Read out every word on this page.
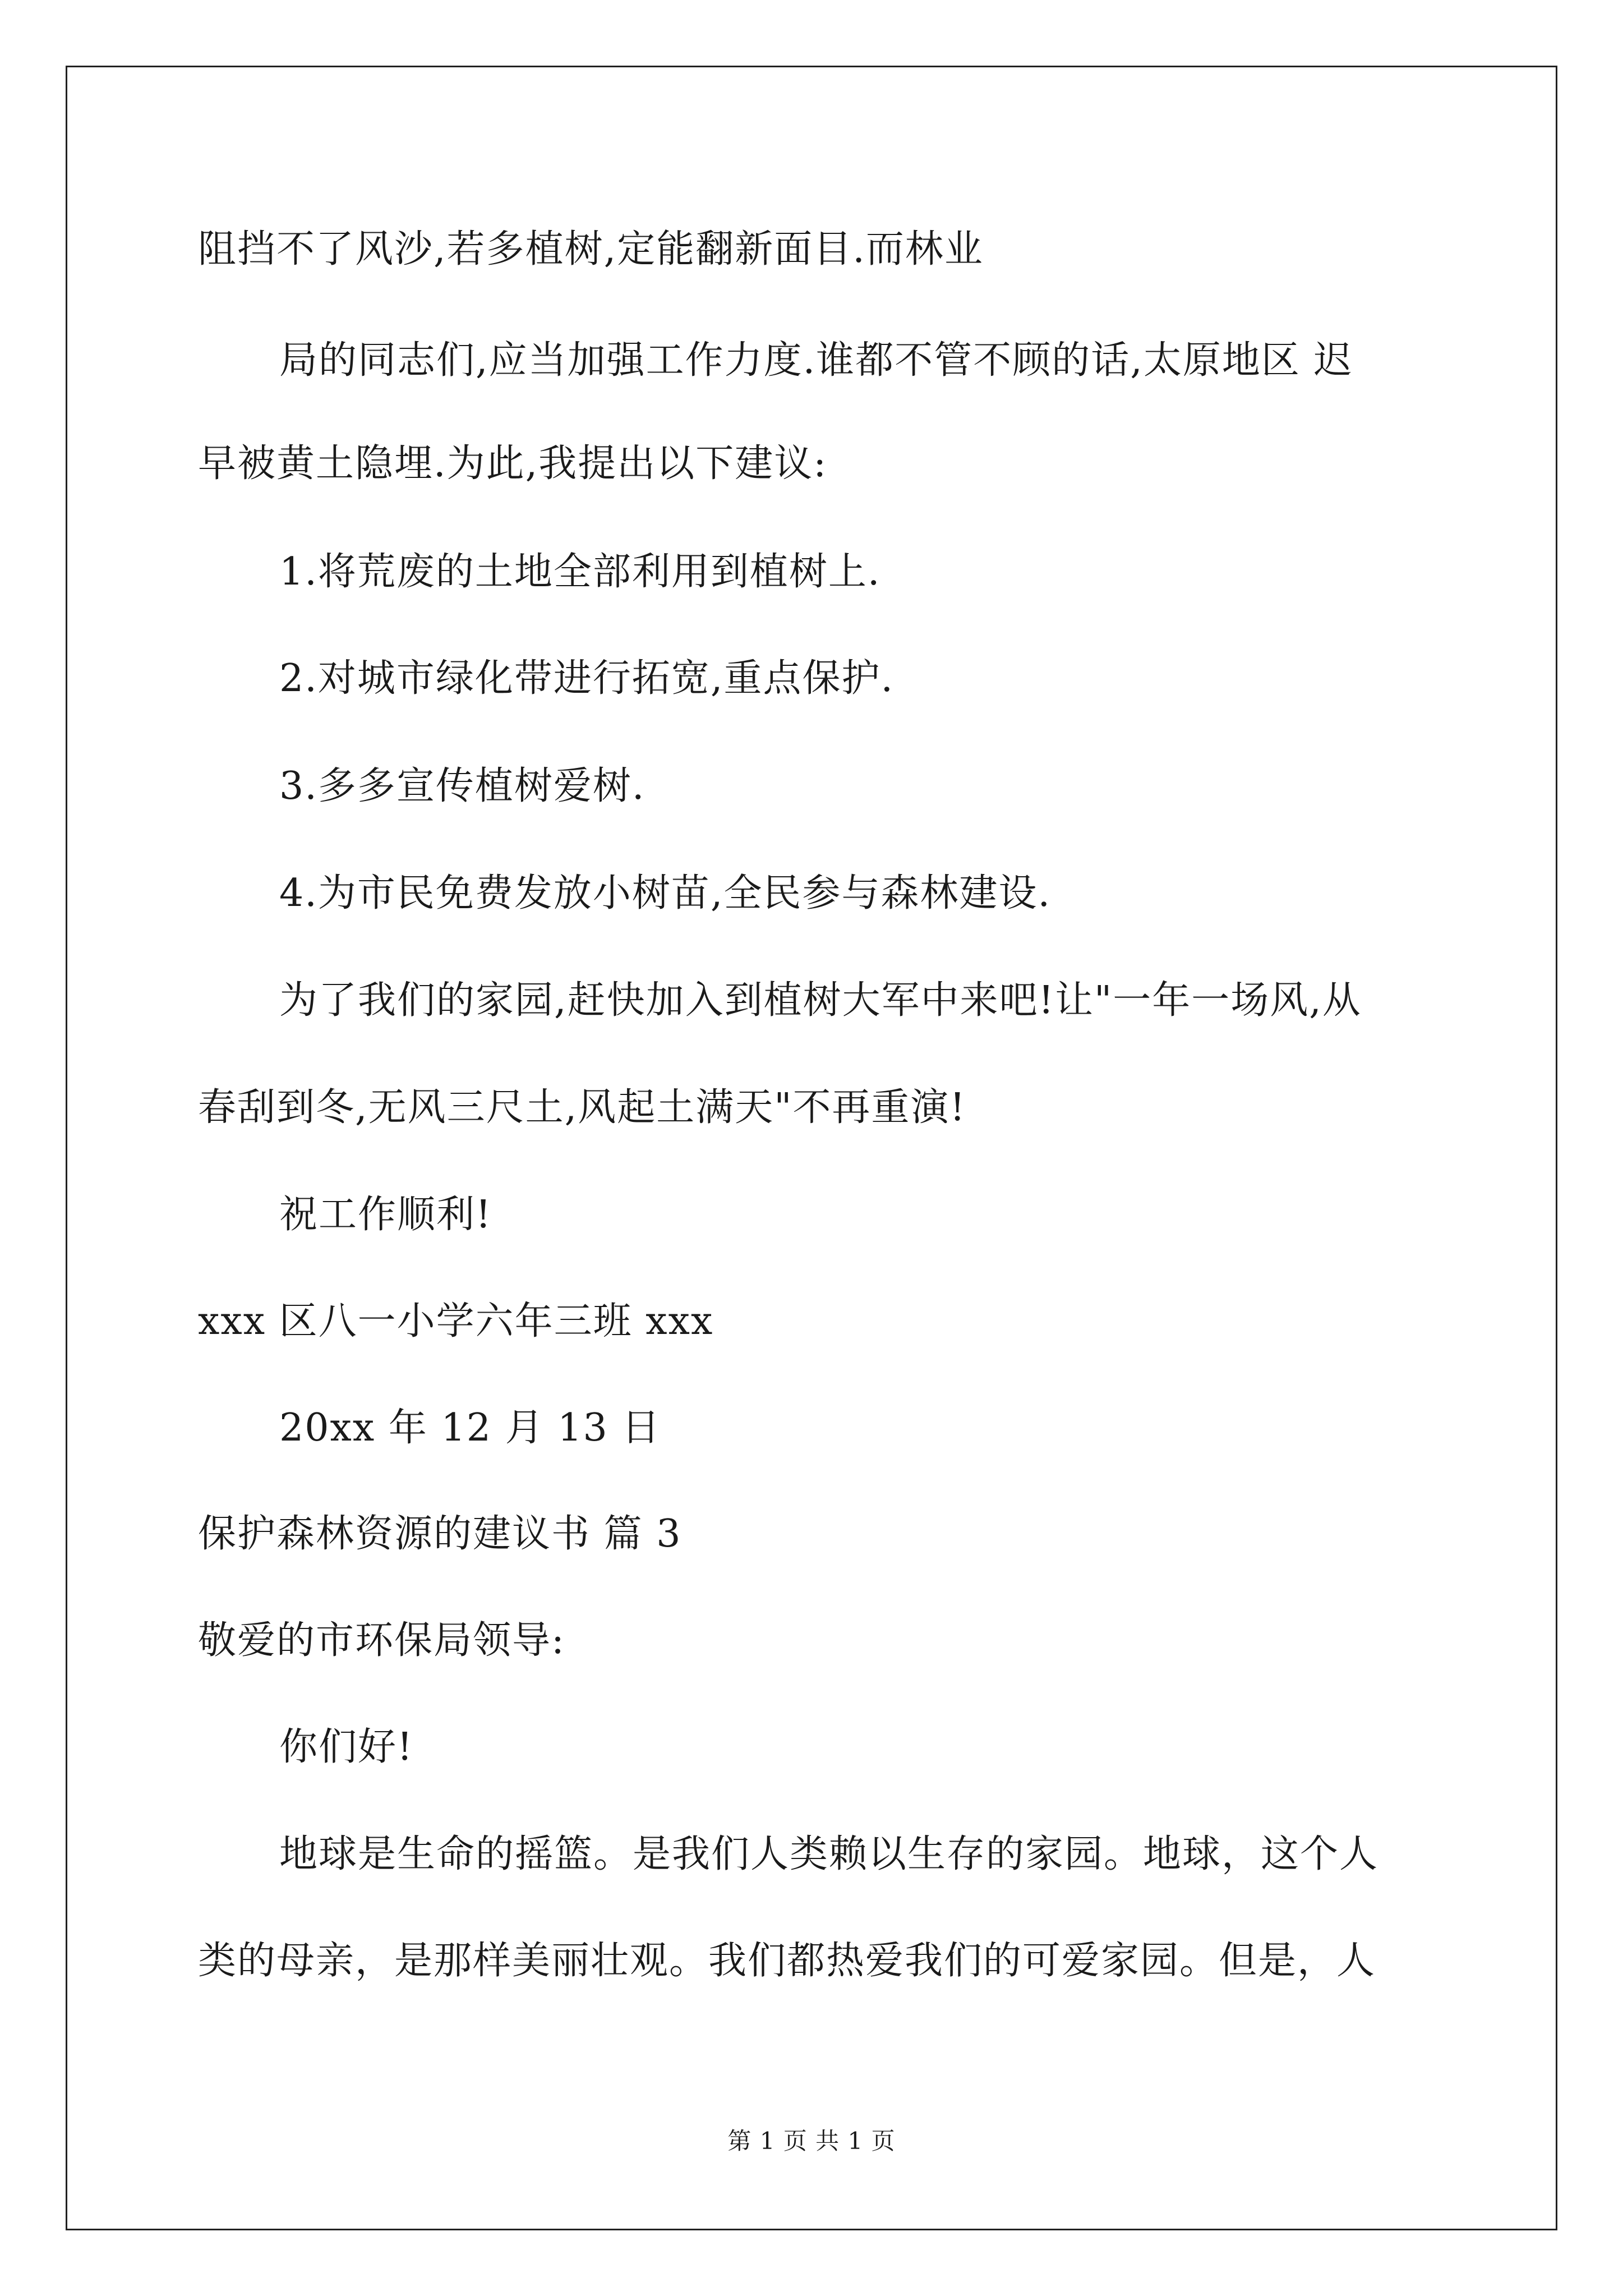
阻挡不了风沙,若多植树,定能翻新面目.而林业
局的同志们,应当加强工作力度.谁都不管不顾的话,太原地区 迟
早被黄土隐埋.为此,我提出以下建议:
1.将荒废的土地全部利用到植树上.
2.对城市绿化带进行拓宽,重点保护.
3.多多宣传植树爱树.
4.为市民免费发放小树苗,全民参与森林建设.
为了我们的家园,赶快加入到植树大军中来吧!让"一年一场风,从
春刮到冬,无风三尺土,风起土满天"不再重演!
祝工作顺利!
xxx 区八一小学六年三班 xxx
20xx 年 12 月 13 日
保护森林资源的建议书 篇 3
敬爱的市环保局领导:
你们好!
地球是生命的摇篮。是我们人类赖以生存的家园。地球，这个人
类的母亲，是那样美丽壮观。我们都热爱我们的可爱家园。但是，人
第 1 页 共 1 页
